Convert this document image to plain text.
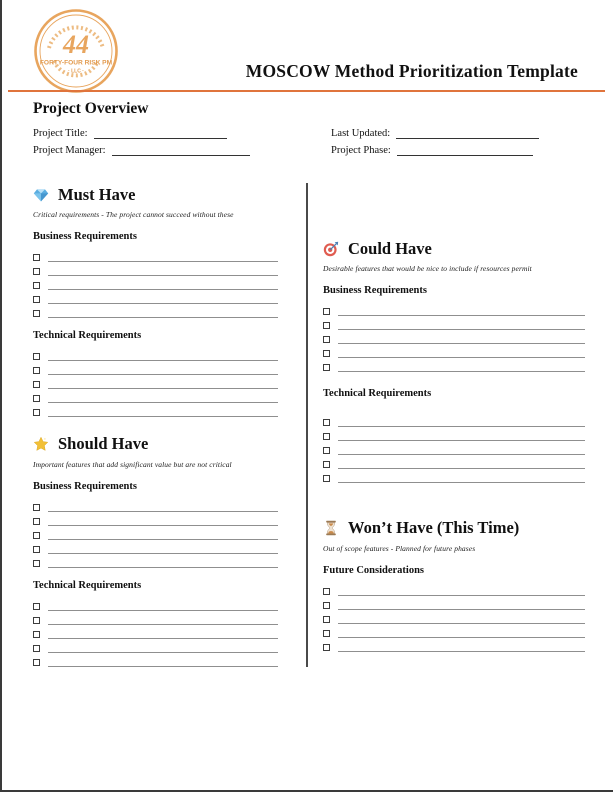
44
FORTY-FOUR RISK PM
· LLC ·	MOSCOW Method Prioritization Template
Project Overview
Project Title:	Last Updated:
Project Manager:	Project Phase:
Must Have
Critical requirements - The project cannot succeed without these
Business Requirements
Technical Requirements
Should Have
Important features that add significant value but are not critical
Business Requirements
Technical Requirements
Could Have
Desirable features that would be nice to include if resources permit
Business Requirements
Technical Requirements
Won’t Have (This Time)
Out of scope features - Planned for future phases
Future Considerations
